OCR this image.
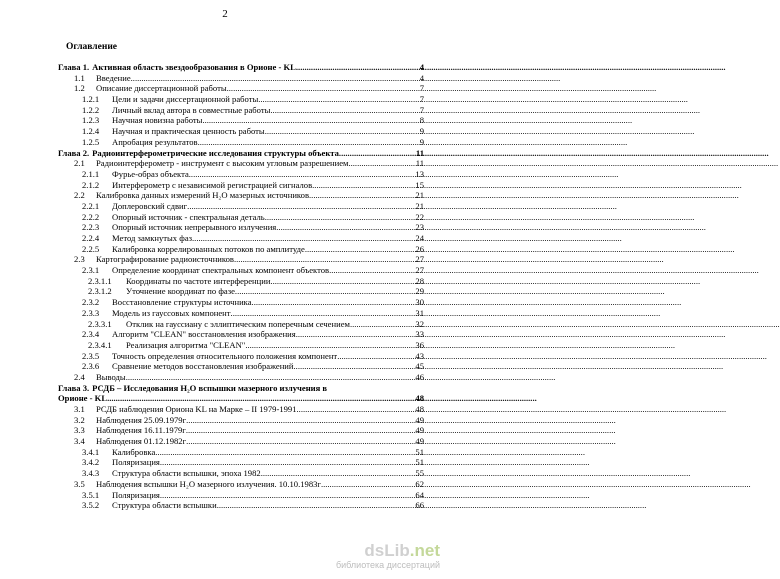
2
Оглавление
Глава 1. Активная область звездообразования в Орионе - KL .....	4
1.1	Введение .....	4
1.2	Описание диссертационной работы .....	7
1.2.1	Цели и задачи диссертационной работы .....	7
1.2.2	Личный вклад автора в совместные работы .....	7
1.2.3	Научная новизна работы .....	8
1.2.4	Научная и практическая ценность работы .....	9
1.2.5	Апробация результатов .....	9
Глава 2. Радиоинтерферометрические исследования структуры объекта .....	11
2.1	Радиоинтерферометр - инструмент с высоким угловым разрешением .....	11
2.1.1	Фурье-образ объекта .....	13
2.1.2	Интерферометр с независимой регистрацией сигналов .....	15
2.2	Калибровка данных измерений H₂O мазерных источников .....	21
2.2.1	Доплеровский сдвиг .....	21
2.2.2	Опорный источник - спектральная деталь .....	22
2.2.3	Опорный источник непрерывного излучения .....	23
2.2.4	Метод замкнутых фаз .....	24
2.2.5	Калибровка коррелированных потоков по амплитуде .....	26
2.3	Картографирование радиоисточников .....	27
2.3.1	Определение координат спектральных компонент объектов .....	27
2.3.1.1	Координаты по частоте интерференции .....	28
2.3.1.2	Уточнение координат по фазе .....	29
2.3.2	Восстановление структуры источника .....	30
2.3.3	Модель из гауссовых компонент .....	31
2.3.3.1	Отклик на гауссиану с эллиптическим поперечным сечением .....	32
2.3.4	Алгоритм "CLEAN" восстановления изображения .....	33
2.3.4.1	Реализация алгоритма "CLEAN" .....	36
2.3.5	Точность определения относительного положения компонент .....	43
2.3.6	Сравнение методов восстановления изображений .....	45
2.4	Выводы .....	46
Глава 3. РСДБ – Исследования H₂O вспышки мазерного излучения в
Орионе - KL .....	48
3.1	РСДБ наблюдения Ориона KL на Марке – II 1979-1991 .....	48
3.2	Наблюдения 25.09.1979г .....	49
3.3	Наблюдения 16.11.1979г .....	49
3.4	Наблюдения 01.12.1982г .....	49
3.4.1	Калибровка .....	51
3.4.2	Поляризация .....	51
3.4.3	Структура области вспышки, эпоха 1982 .....	55
3.5	Наблюдения вспышки H₂O мазерного излучения. 10.10.1983г .....	62
3.5.1	Поляризация .....	64
3.5.2	Структура области вспышки .....	66
dsLib.net
библиотека диссертаций
